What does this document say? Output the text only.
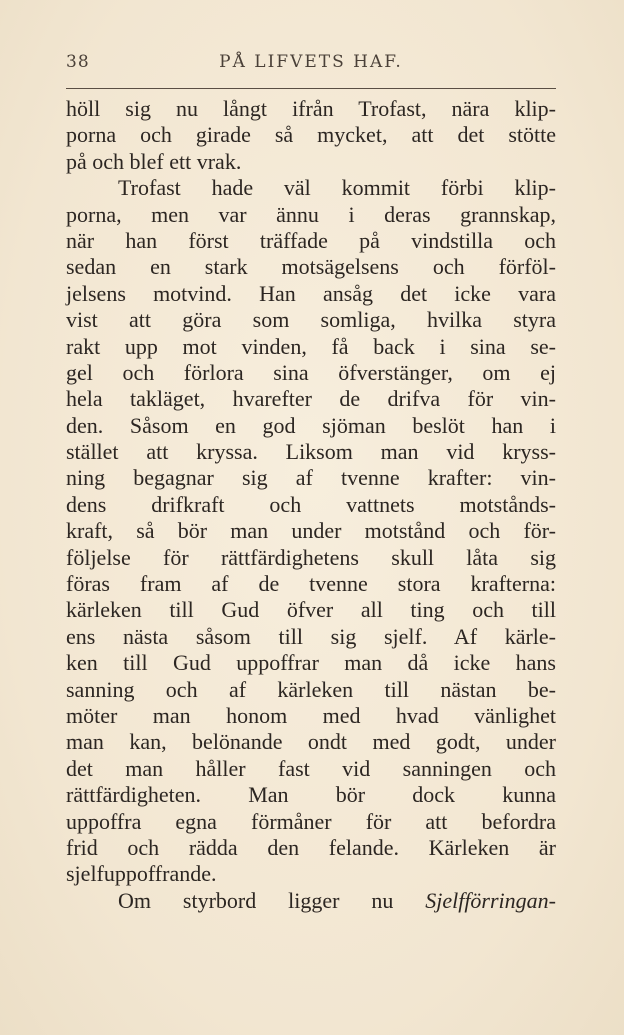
38	PÅ LIFVETS HAF.
höll sig nu långt ifrån Trofast, nära klip-
porna och girade så mycket, att det stötte
på och blef ett vrak.
Trofast hade väl kommit förbi klip-
porna, men var ännu i deras grannskap,
när han först träffade på vindstilla och
sedan en stark motsägelsens och förföl-
jelsens motvind. Han ansåg det icke vara
vist att göra som somliga, hvilka styra
rakt upp mot vinden, få back i sina se-
gel och förlora sina öfverstänger, om ej
hela takläget, hvarefter de drifva för vin-
den. Såsom en god sjöman beslöt han i
stället att kryssa. Liksom man vid kryss-
ning begagnar sig af tvenne krafter: vin-
dens drifkraft och vattnets motstånds-
kraft, så bör man under motstånd och för-
följelse för rättfärdighetens skull låta sig
föras fram af de tvenne stora krafterna:
kärleken till Gud öfver all ting och till
ens nästa såsom till sig sjelf. Af kärle-
ken till Gud uppoffrar man då icke hans
sanning och af kärleken till nästan be-
möter man honom med hvad vänlighet
man kan, belönande ondt med godt, under
det man håller fast vid sanningen och
rättfärdigheten. Man bör dock kunna
uppoffra egna förmåner för att befordra
frid och rädda den felande. Kärleken är
sjelfuppoffrande.
Om styrbord ligger nu Sjelfförringan-
